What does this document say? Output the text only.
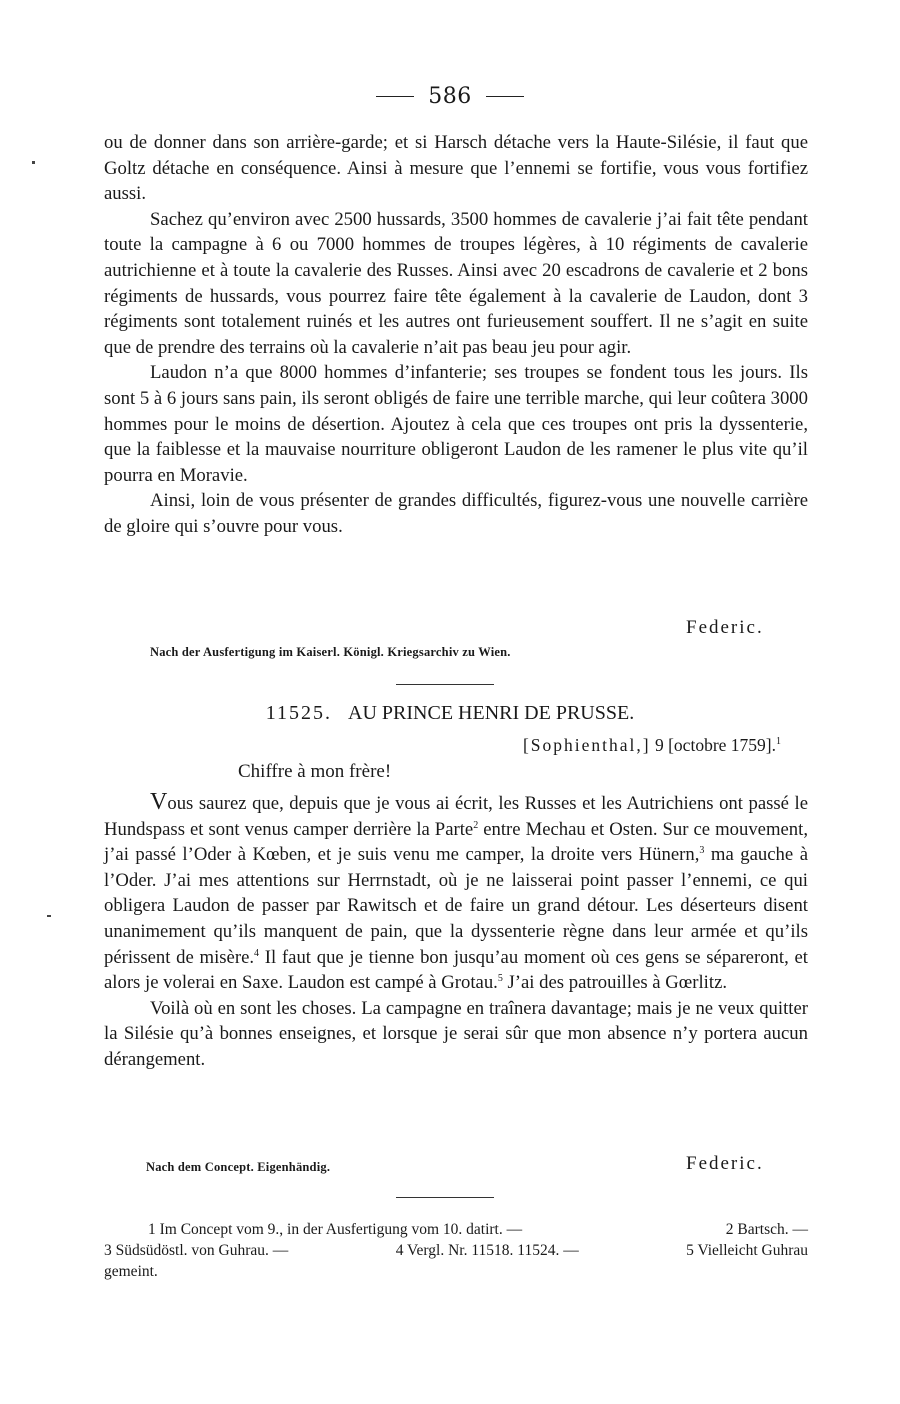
586

ou de donner dans son arrière-garde; et si Harsch détache vers la Haute-Silésie, il faut que Goltz détache en conséquence. Ainsi à mesure que l’ennemi se fortifie, vous vous fortifiez aussi.

Sachez qu’environ avec 2500 hussards, 3500 hommes de cavalerie j’ai fait tête pendant toute la campagne à 6 ou 7000 hommes de troupes légères, à 10 régiments de cavalerie autrichienne et à toute la cavalerie des Russes. Ainsi avec 20 escadrons de cavalerie et 2 bons régiments de hussards, vous pourrez faire tête également à la cavalerie de Laudon, dont 3 régiments sont totalement ruinés et les autres ont furieusement souffert. Il ne s’agit en suite que de prendre des terrains où la cavalerie n’ait pas beau jeu pour agir.

Laudon n’a que 8000 hommes d’infanterie; ses troupes se fondent tous les jours. Ils sont 5 à 6 jours sans pain, ils seront obligés de faire une terrible marche, qui leur coûtera 3000 hommes pour le moins de désertion. Ajoutez à cela que ces troupes ont pris la dyssenterie, que la faiblesse et la mauvaise nourriture obligeront Laudon de les ramener le plus vite qu’il pourra en Moravie.

Ainsi, loin de vous présenter de grandes difficultés, figurez-vous une nouvelle carrière de gloire qui s’ouvre pour vous.

Federic.
Nach der Ausfertigung im Kaiserl. Königl. Kriegsarchiv zu Wien.
11525. AU PRINCE HENRI DE PRUSSE.
[Sophienthal,] 9 [octobre 1759].$^1$
Chiffre à mon frère!

Vous saurez que, depuis que je vous ai écrit, les Russes et les Autrichiens ont passé le Hundspass et sont venus camper derrière la Parte$^2$ entre Mechau et Osten. Sur ce mouvement, j’ai passé l’Oder à Kœben, et je suis venu me camper, la droite vers Hünern,$^3$ ma gauche à l’Oder. J’ai mes attentions sur Herrnstadt, où je ne laisserai point passer l’ennemi, ce qui obligera Laudon de passer par Rawitsch et de faire un grand détour. Les déserteurs disent unanimement qu’ils manquent de pain, que la dyssenterie règne dans leur armée et qu’ils périssent de misère.$^4$ Il faut que je tienne bon jusqu’au moment où ces gens se sépareront, et alors je volerai en Saxe. Laudon est campé à Grotau.$^5$ J’ai des patrouilles à Gœrlitz.

Voilà où en sont les choses. La campagne en traînera davantage; mais je ne veux quitter la Silésie qu’à bonnes enseignes, et lorsque je serai sûr que mon absence n’y portera aucun dérangement.

Nach dem Concept. Eigenhändig.	Federic.
1 Im Concept vom 9., in der Ausfertigung vom 10. datirt. —	2 Bartsch. —
3 Südsüdöstl. von Guhrau. —	4 Vergl. Nr. 11518. 11524. —	5 Vielleicht Guhrau
gemeint.
